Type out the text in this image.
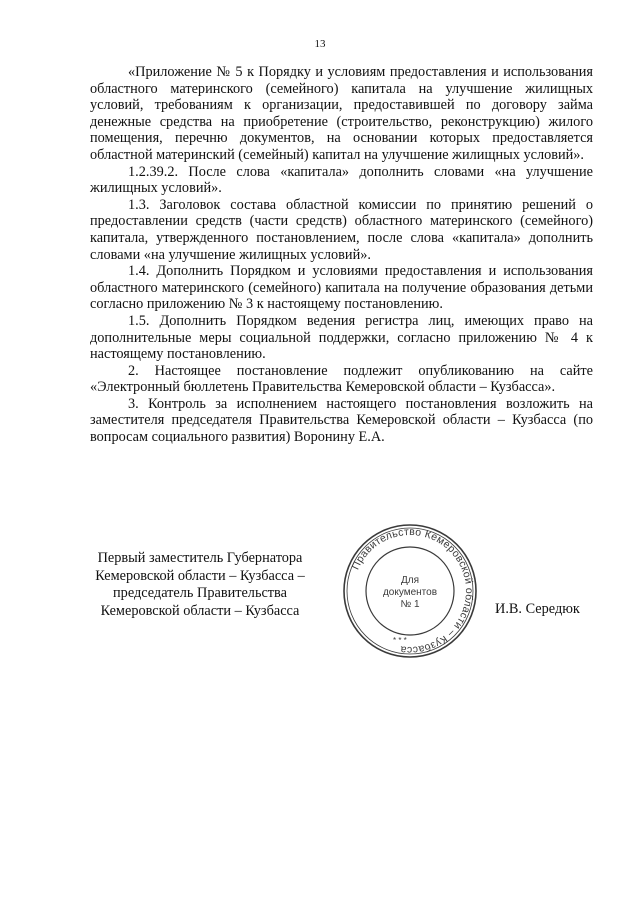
13

«Приложение № 5 к Порядку и условиям предоставления и использования областного материнского (семейного) капитала на улучшение жилищных условий, требованиям к организации, предоставившей по договору займа денежные средства на приобретение (строительство, реконструкцию) жилого помещения, перечню документов, на основании которых предоставляется областной материнский (семейный) капитал на улучшение жилищных условий».

1.2.39.2. После слова «капитала» дополнить словами «на улучшение жилищных условий».

1.3. Заголовок состава областной комиссии по принятию решений о предоставлении средств (части средств) областного материнского (семейного) капитала, утвержденного постановлением, после слова «капитала» дополнить словами «на улучшение жилищных условий».

1.4. Дополнить Порядком и условиями предоставления и использования областного материнского (семейного) капитала на получение образования детьми согласно приложению № 3 к настоящему постановлению.

1.5. Дополнить Порядком ведения регистра лиц, имеющих право на дополнительные меры социальной поддержки, согласно приложению № 4 к настоящему постановлению.

2. Настоящее постановление подлежит опубликованию на сайте «Электронный бюллетень Правительства Кемеровской области – Кузбасса».

3. Контроль за исполнением настоящего постановления возложить на заместителя председателя Правительства Кемеровской области – Кузбасса (по вопросам социального развития) Воронину Е.А.

Первый заместитель Губернатора
Кемеровской области – Кузбасса –
председатель Правительства
Кемеровской области – Кузбасса
Правительство Кемеровской области – Кузбасса
* * *
Для
документов
№ 1	И.В. Середюк
